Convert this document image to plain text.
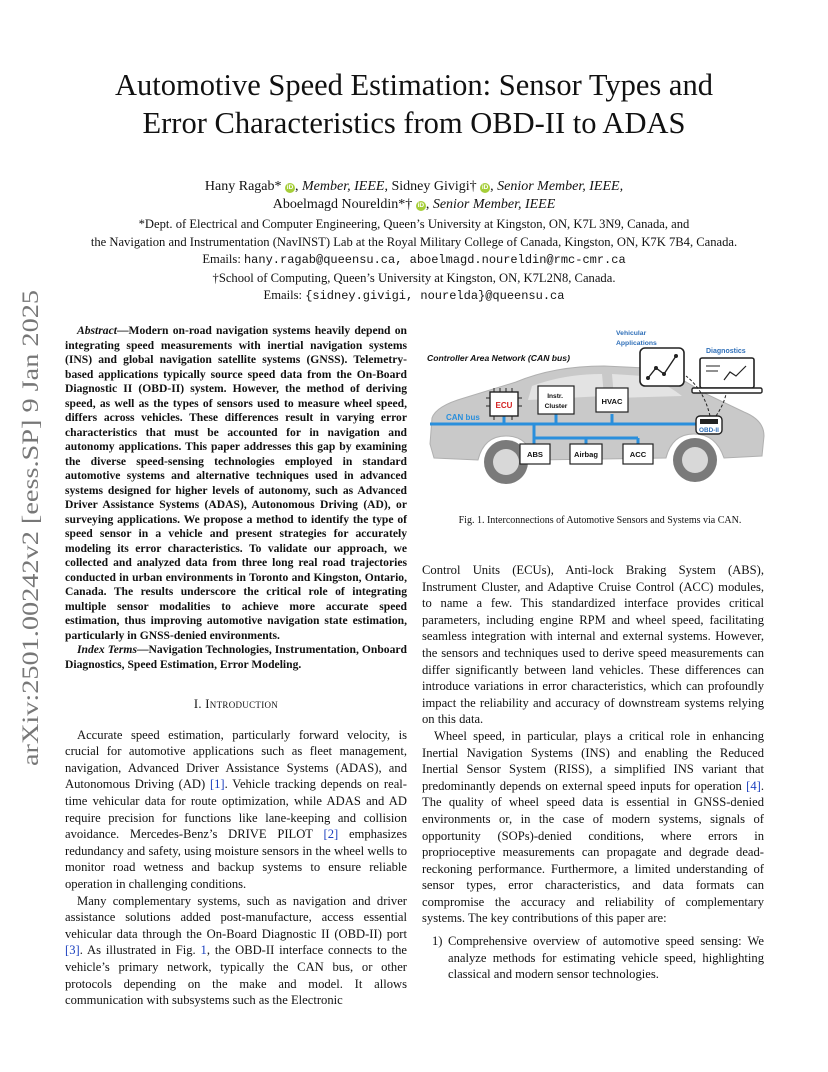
arXiv:2501.00242v2 [eess.SP] 9 Jan 2025
Automotive Speed Estimation: Sensor Types and
Error Characteristics from OBD-II to ADAS
Hany Ragab* iD , Member, IEEE, Sidney Givigi† iD , Senior Member, IEEE,
Aboelmagd Noureldin*† iD , Senior Member, IEEE
*Dept. of Electrical and Computer Engineering, Queen’s University at Kingston, ON, K7L 3N9, Canada, and
the Navigation and Instrumentation (NavINST) Lab at the Royal Military College of Canada, Kingston, ON, K7K 7B4, Canada.
Emails: hany.ragab@queensu.ca, aboelmagd.noureldin@rmc-cmr.ca
†School of Computing, Queen’s University at Kingston, ON, K7L2N8, Canada.
Emails: {sidney.givigi, nourelda}@queensu.ca

Abstract—Modern on-road navigation systems heavily depend on integrating speed measurements with inertial navigation systems (INS) and global navigation satellite systems (GNSS). Telemetry-based applications typically source speed data from the On-Board Diagnostic II (OBD-II) system. However, the method of deriving speed, as well as the types of sensors used to measure wheel speed, differs across vehicles. These differences result in varying error characteristics that must be accounted for in navigation and autonomy applications. This paper addresses this gap by examining the diverse speed-sensing technologies employed in standard automotive systems and alternative techniques used in advanced systems designed for higher levels of autonomy, such as Advanced Driver Assistance Systems (ADAS), Autonomous Driving (AD), or surveying applications. We propose a method to identify the type of speed sensor in a vehicle and present strategies for accurately modeling its error characteristics. To validate our approach, we collected and analyzed data from three long real road trajectories conducted in urban environments in Toronto and Kingston, Ontario, Canada. The results underscore the critical role of integrating multiple sensor modalities to achieve more accurate speed estimation, thus improving automotive navigation state estimation, particularly in GNSS-denied environments.

Index Terms—Navigation Technologies, Instrumentation, Onboard Diagnostics, Speed Estimation, Error Modeling.

I. Introduction

Accurate speed estimation, particularly forward velocity, is crucial for automotive applications such as fleet management, navigation, Advanced Driver Assistance Systems (ADAS), and Autonomous Driving (AD) [1]. Vehicle tracking depends on real-time vehicular data for route optimization, while ADAS and AD require precision for functions like lane-keeping and collision avoidance. Mercedes-Benz’s DRIVE PILOT [2] emphasizes redundancy and safety, using moisture sensors in the wheel wells to monitor road wetness and backup systems to ensure reliable operation in challenging conditions.

Many complementary systems, such as navigation and driver assistance solutions added post-manufacture, access essential vehicular data through the On-Board Diagnostic II (OBD-II) port [3]. As illustrated in Fig. 1, the OBD-II interface connects to the vehicle’s primary network, typically the CAN bus, or other protocols depending on the make and model. It allows communication with subsystems such as the Electronic

Controller Area Network (CAN bus)
Vehicular Applications
Diagnostics
CAN bus
ECU
Instr. Cluster
HVAC
ABS	Airbag	ACC
OBD-II
Fig. 1. Interconnections of Automotive Sensors and Systems via CAN.

Control Units (ECUs), Anti-lock Braking System (ABS), Instrument Cluster, and Adaptive Cruise Control (ACC) modules, to name a few. This standardized interface provides critical parameters, including engine RPM and wheel speed, facilitating seamless integration with internal and external systems. However, the sensors and techniques used to derive speed measurements can differ significantly between land vehicles. These differences can introduce variations in error characteristics, which can profoundly impact the reliability and accuracy of downstream systems relying on this data.

Wheel speed, in particular, plays a critical role in enhancing Inertial Navigation Systems (INS) and enabling the Reduced Inertial Sensor System (RISS), a simplified INS variant that predominantly depends on external speed inputs for operation [4]. The quality of wheel speed data is essential in GNSS-denied environments or, in the case of modern systems, signals of opportunity (SOPs)-denied conditions, where errors in proprioceptive measurements can propagate and degrade dead-reckoning performance. Furthermore, a limited understanding of sensor types, error characteristics, and data formats can compromise the accuracy and reliability of complementary systems. The key contributions of this paper are:

1) Comprehensive overview of automotive speed sensing: We analyze methods for estimating vehicle speed, highlighting classical and modern sensor technologies.
